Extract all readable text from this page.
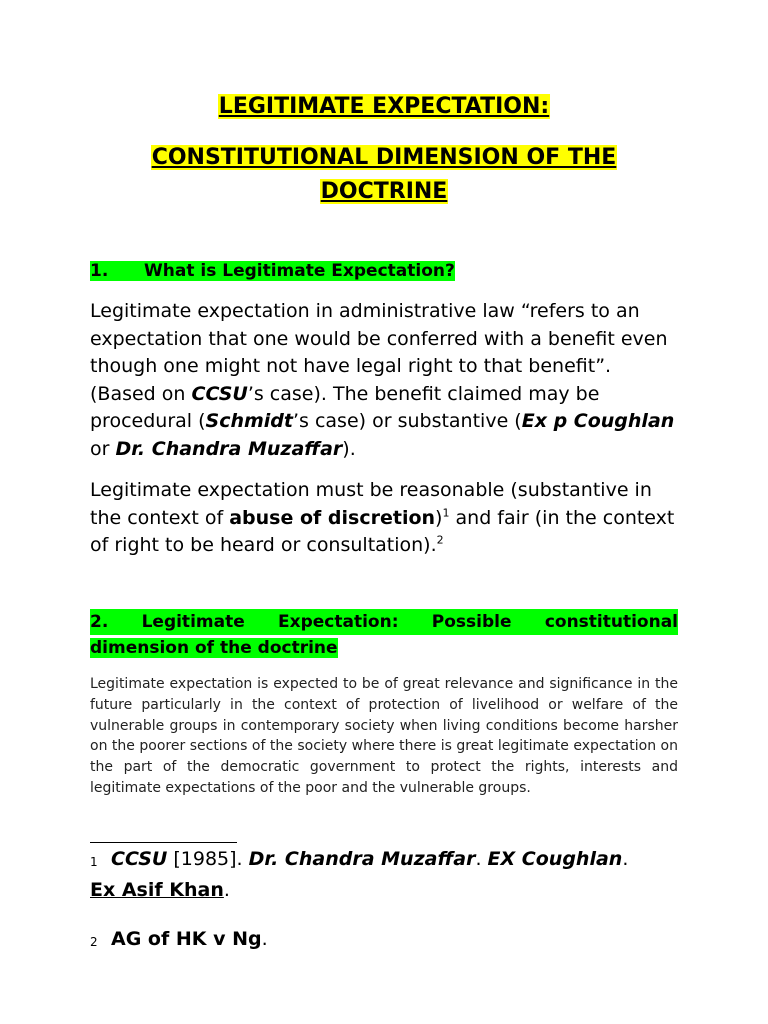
LEGITIMATE EXPECTATION:
CONSTITUTIONAL DIMENSION OF THE
DOCTRINE
1. What is Legitimate Expectation?
Legitimate expectation in administrative law “refers to an expectation that one would be conferred with a benefit even though one might not have legal right to that benefit”. (Based on CCSU’s case). The benefit claimed may be procedural (Schmidt’s case) or substantive (Ex p Coughlan or Dr. Chandra Muzaffar).
Legitimate expectation must be reasonable (substantive in the context of abuse of discretion)$^1$ and fair (in the context of right to be heard or consultation).$^2$
2. Legitimate Expectation: Possible constitutional
dimension of the doctrine
Legitimate expectation is expected to be of great relevance and significance in the future particularly in the context of protection of livelihood or welfare of the vulnerable groups in contemporary society when living conditions become harsher on the poorer sections of the society where there is great legitimate expectation on the part of the democratic government to protect the rights, interests and legitimate expectations of the poor and the vulnerable groups.
1 CCSU [1985]. Dr. Chandra Muzaffar. EX Coughlan.
Ex Asif Khan.
2 AG of HK v Ng.
